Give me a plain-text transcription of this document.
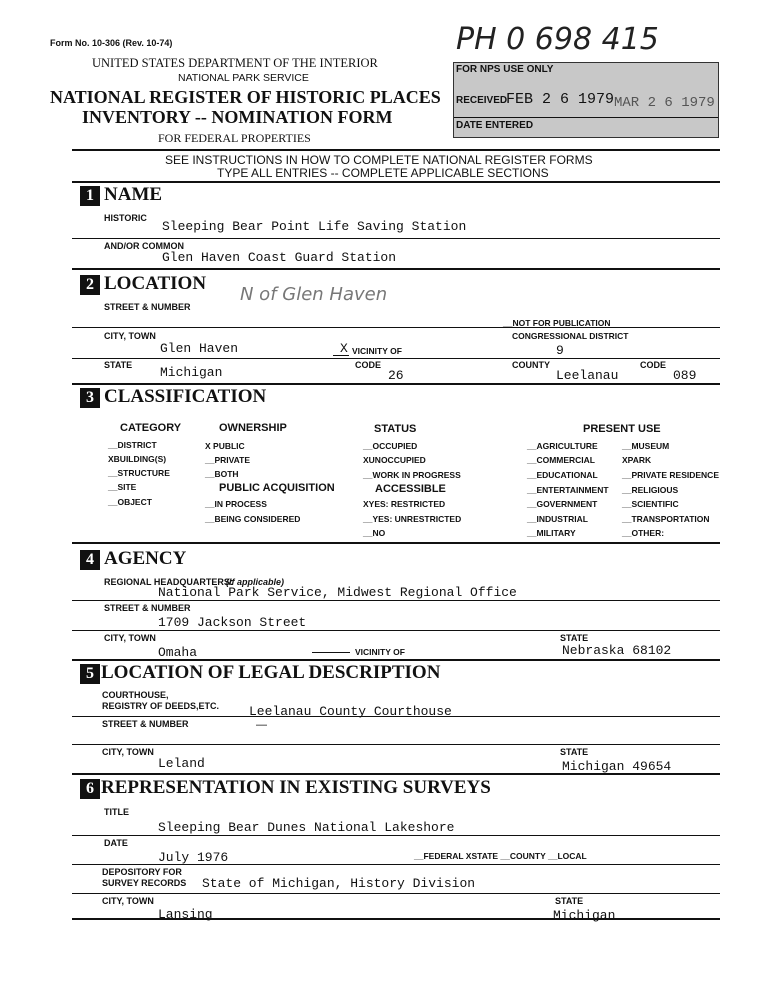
Form No. 10-306 (Rev. 10-74)
UNITED STATES DEPARTMENT OF THE INTERIOR
NATIONAL PARK SERVICE
NATIONAL REGISTER OF HISTORIC PLACES
INVENTORY -- NOMINATION FORM
FOR FEDERAL PROPERTIES
PH 0 698 415
FOR NPS USE ONLY
RECEIVED
FEB 2 6 1979 MAR 2 6 1979
DATE ENTERED
SEE INSTRUCTIONS IN HOW TO COMPLETE NATIONAL REGISTER FORMS
TYPE ALL ENTRIES -- COMPLETE APPLICABLE SECTIONS
1 NAME
HISTORIC
Sleeping Bear Point Life Saving Station
AND/OR COMMON
Glen Haven Coast Guard Station
2 LOCATION
STREET & NUMBER
N of Glen Haven
__NOT FOR PUBLICATION
CITY, TOWN	CONGRESSIONAL DISTRICT
Glen Haven	X VICINITY OF	9
STATE	CODE	COUNTY	CODE
Michigan	26	Leelanau	089
3 CLASSIFICATION
CATEGORY	OWNERSHIP	STATUS	PRESENT USE
__DISTRICT
XBUILDING(S)
__STRUCTURE
__SITE
__OBJECT
X PUBLIC
__PRIVATE
__BOTH
PUBLIC ACQUISITION
__IN PROCESS
__BEING CONSIDERED
__OCCUPIED
XUNOCCUPIED
__WORK IN PROGRESS
ACCESSIBLE
XYES: RESTRICTED
__YES: UNRESTRICTED
__NO
__AGRICULTURE
__COMMERCIAL
__EDUCATIONAL
__ENTERTAINMENT
__GOVERNMENT
__INDUSTRIAL
__MILITARY
__MUSEUM
XPARK
__PRIVATE RESIDENCE
__RELIGIOUS
__SCIENTIFIC
__TRANSPORTATION
__OTHER:
4 AGENCY
REGIONAL HEADQUARTERS:
(If applicable)
National Park Service, Midwest Regional Office
STREET & NUMBER
1709 Jackson Street
CITY, TOWN	STATE
Omaha	VICINITY OF	Nebraska 68102
5 LOCATION OF LEGAL DESCRIPTION
COURTHOUSE,
REGISTRY OF DEEDS,ETC. Leelanau County Courthouse
STREET & NUMBER	—
CITY, TOWN	STATE
Leland	Michigan 49654
6 REPRESENTATION IN EXISTING SURVEYS
TITLE
Sleeping Bear Dunes National Lakeshore
DATE
July 1976	__FEDERAL XSTATE __COUNTY __LOCAL
DEPOSITORY FOR
SURVEY RECORDS State of Michigan, History Division
CITY, TOWN	STATE
Lansing	Michigan
